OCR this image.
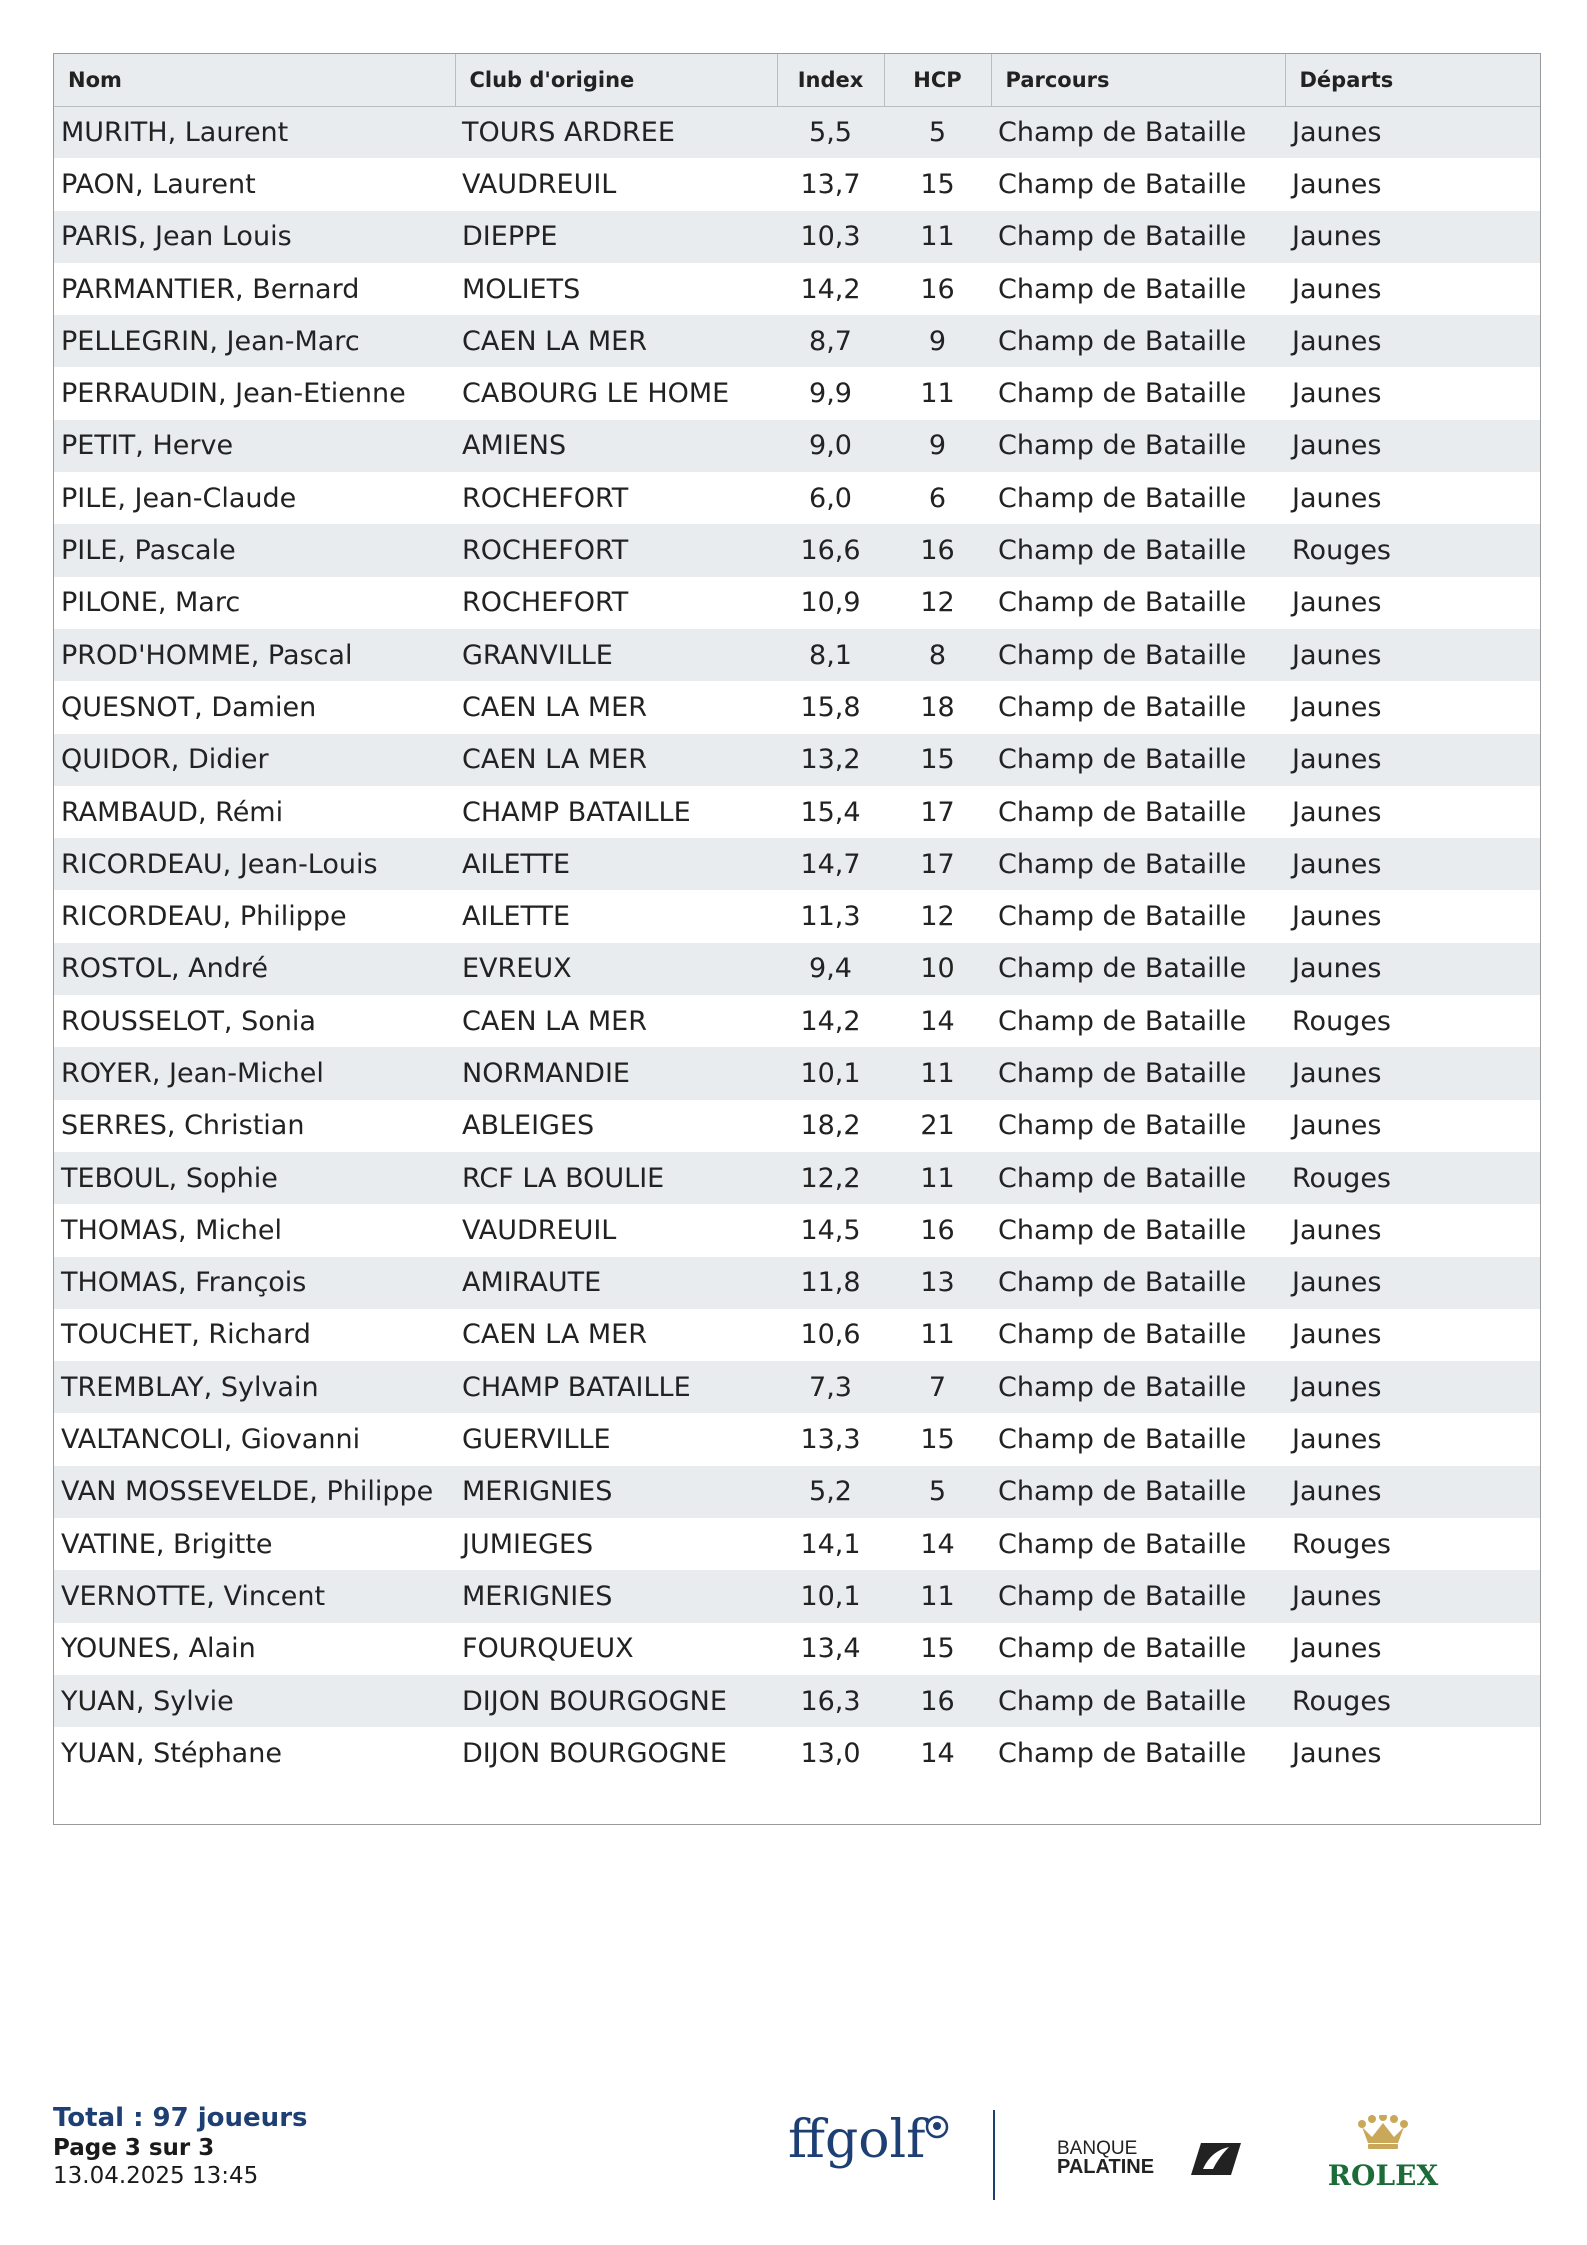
Nom	Club d'origine	Index	HCP	Parcours	Départs
MURITH, Laurent	TOURS ARDREE	5,5	5	Champ de Bataille	Jaunes
PAON, Laurent	VAUDREUIL	13,7	15	Champ de Bataille	Jaunes
PARIS, Jean Louis	DIEPPE	10,3	11	Champ de Bataille	Jaunes
PARMANTIER, Bernard	MOLIETS	14,2	16	Champ de Bataille	Jaunes
PELLEGRIN, Jean-Marc	CAEN LA MER	8,7	9	Champ de Bataille	Jaunes
PERRAUDIN, Jean-Etienne	CABOURG LE HOME	9,9	11	Champ de Bataille	Jaunes
PETIT, Herve	AMIENS	9,0	9	Champ de Bataille	Jaunes
PILE, Jean-Claude	ROCHEFORT	6,0	6	Champ de Bataille	Jaunes
PILE, Pascale	ROCHEFORT	16,6	16	Champ de Bataille	Rouges
PILONE, Marc	ROCHEFORT	10,9	12	Champ de Bataille	Jaunes
PROD'HOMME, Pascal	GRANVILLE	8,1	8	Champ de Bataille	Jaunes
QUESNOT, Damien	CAEN LA MER	15,8	18	Champ de Bataille	Jaunes
QUIDOR, Didier	CAEN LA MER	13,2	15	Champ de Bataille	Jaunes
RAMBAUD, Rémi	CHAMP BATAILLE	15,4	17	Champ de Bataille	Jaunes
RICORDEAU, Jean-Louis	AILETTE	14,7	17	Champ de Bataille	Jaunes
RICORDEAU, Philippe	AILETTE	11,3	12	Champ de Bataille	Jaunes
ROSTOL, André	EVREUX	9,4	10	Champ de Bataille	Jaunes
ROUSSELOT, Sonia	CAEN LA MER	14,2	14	Champ de Bataille	Rouges
ROYER, Jean-Michel	NORMANDIE	10,1	11	Champ de Bataille	Jaunes
SERRES, Christian	ABLEIGES	18,2	21	Champ de Bataille	Jaunes
TEBOUL, Sophie	RCF LA BOULIE	12,2	11	Champ de Bataille	Rouges
THOMAS, Michel	VAUDREUIL	14,5	16	Champ de Bataille	Jaunes
THOMAS, François	AMIRAUTE	11,8	13	Champ de Bataille	Jaunes
TOUCHET, Richard	CAEN LA MER	10,6	11	Champ de Bataille	Jaunes
TREMBLAY, Sylvain	CHAMP BATAILLE	7,3	7	Champ de Bataille	Jaunes
VALTANCOLI, Giovanni	GUERVILLE	13,3	15	Champ de Bataille	Jaunes
VAN MOSSEVELDE, Philippe	MERIGNIES	5,2	5	Champ de Bataille	Jaunes
VATINE, Brigitte	JUMIEGES	14,1	14	Champ de Bataille	Rouges
VERNOTTE, Vincent	MERIGNIES	10,1	11	Champ de Bataille	Jaunes
YOUNES, Alain	FOURQUEUX	13,4	15	Champ de Bataille	Jaunes
YUAN, Sylvie	DIJON BOURGOGNE	16,3	16	Champ de Bataille	Rouges
YUAN, Stéphane	DIJON BOURGOGNE	13,0	14	Champ de Bataille	Jaunes
Total : 97 joueurs
Page 3 sur 3
13.04.2025 13:45
ffgolf	BANQUE
PALATINE	ROLEX
